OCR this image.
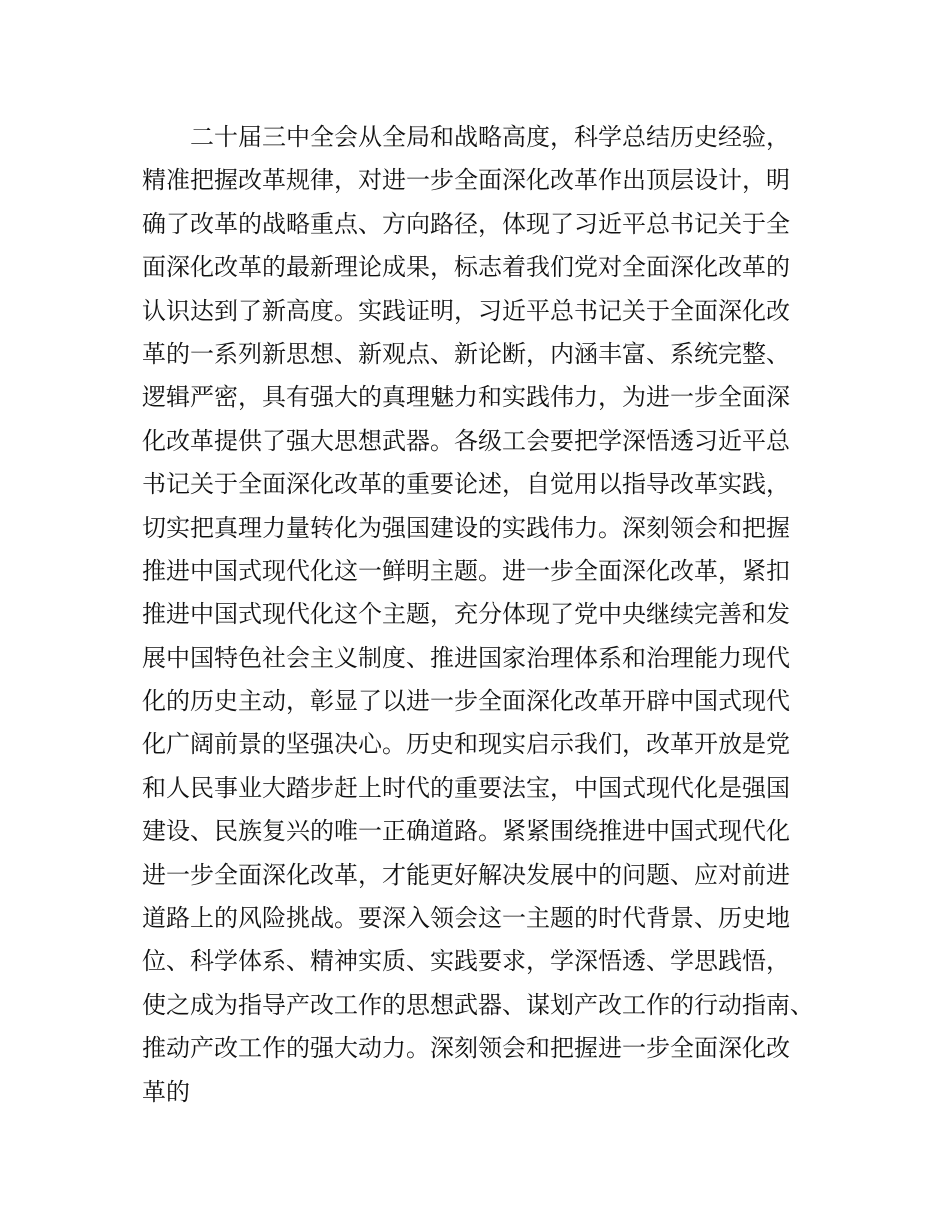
二十届三中全会从全局和战略高度，科学总结历史经验，
精准把握改革规律，对进一步全面深化改革作出顶层设计，明
确了改革的战略重点、方向路径，体现了习近平总书记关于全
面深化改革的最新理论成果，标志着我们党对全面深化改革的
认识达到了新高度。实践证明，习近平总书记关于全面深化改
革的一系列新思想、新观点、新论断，内涵丰富、系统完整、
逻辑严密，具有强大的真理魅力和实践伟力，为进一步全面深
化改革提供了强大思想武器。各级工会要把学深悟透习近平总
书记关于全面深化改革的重要论述，自觉用以指导改革实践，
切实把真理力量转化为强国建设的实践伟力。深刻领会和把握
推进中国式现代化这一鲜明主题。进一步全面深化改革，紧扣
推进中国式现代化这个主题，充分体现了党中央继续完善和发
展中国特色社会主义制度、推进国家治理体系和治理能力现代
化的历史主动，彰显了以进一步全面深化改革开辟中国式现代
化广阔前景的坚强决心。历史和现实启示我们，改革开放是党
和人民事业大踏步赶上时代的重要法宝，中国式现代化是强国
建设、民族复兴的唯一正确道路。紧紧围绕推进中国式现代化
进一步全面深化改革，才能更好解决发展中的问题、应对前进
道路上的风险挑战。要深入领会这一主题的时代背景、历史地
位、科学体系、精神实质、实践要求，学深悟透、学思践悟，
使之成为指导产改工作的思想武器、谋划产改工作的行动指南、
推动产改工作的强大动力。深刻领会和把握进一步全面深化改
革的
